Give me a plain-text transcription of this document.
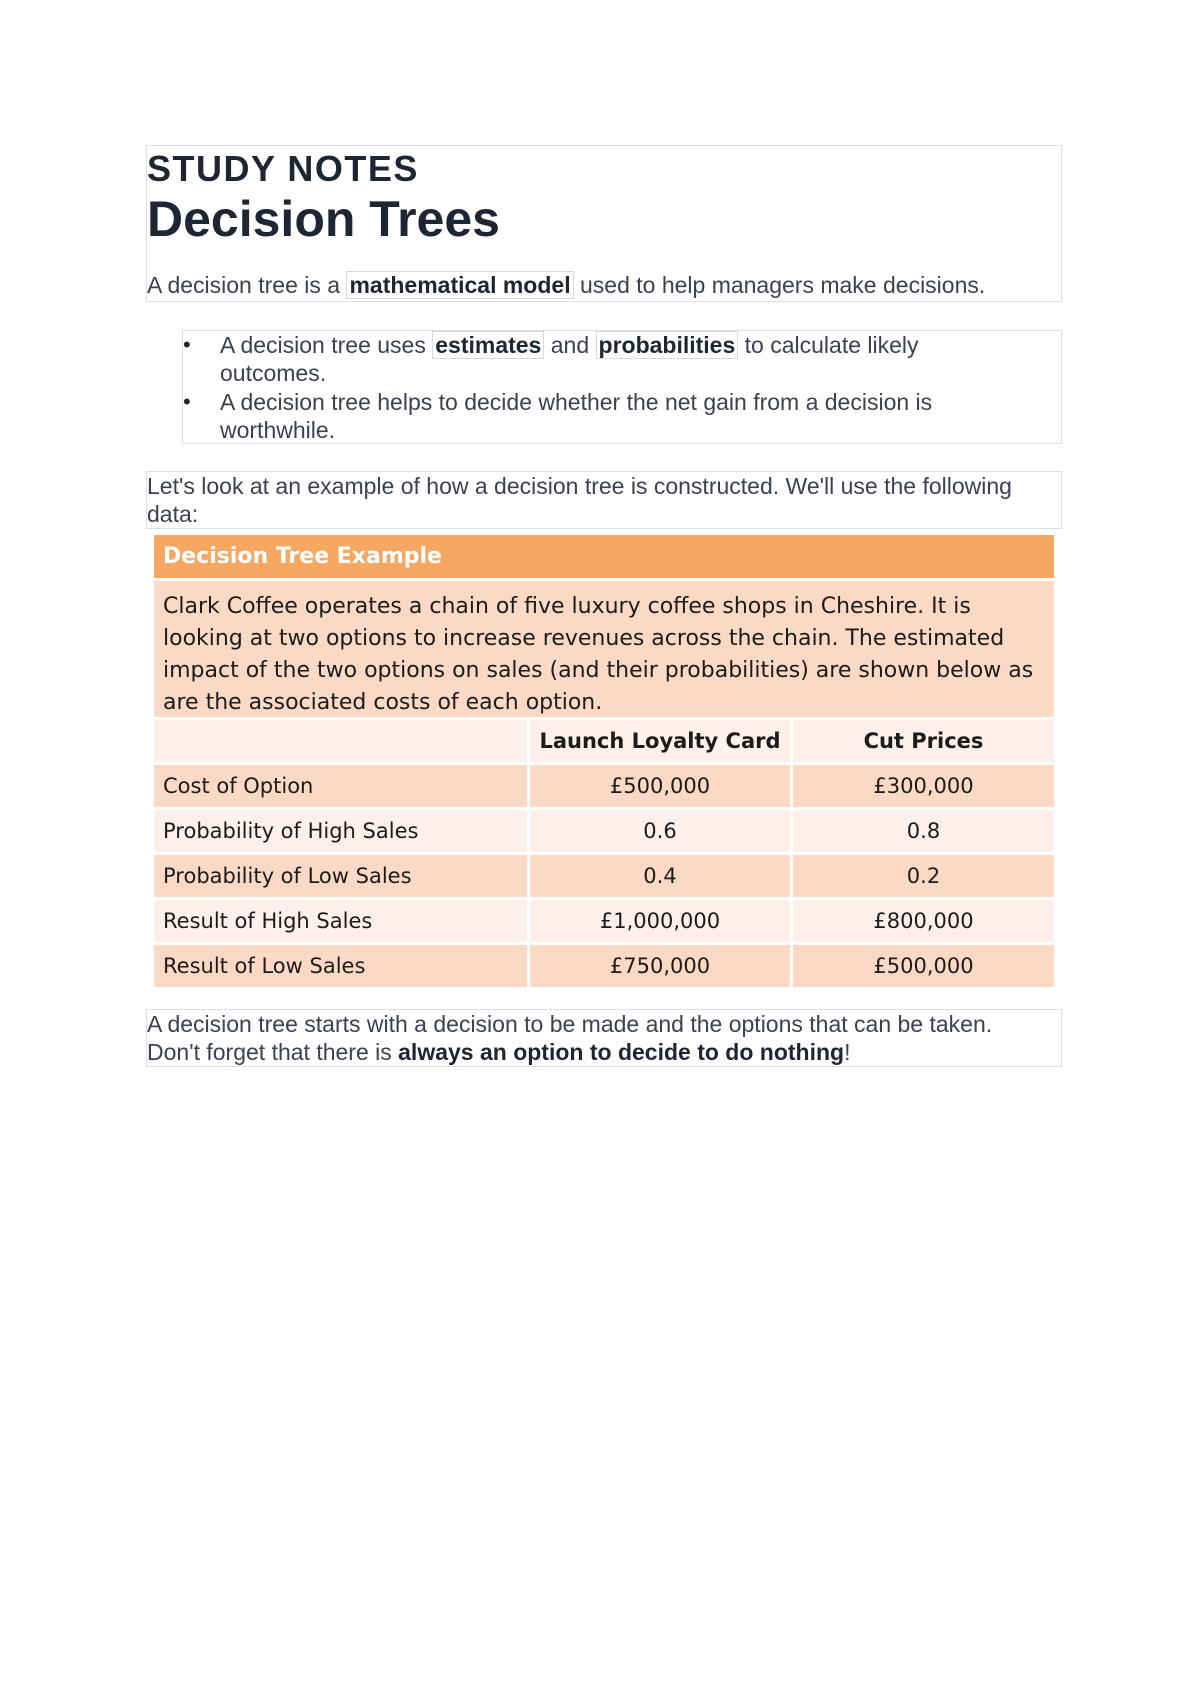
STUDY NOTES
Decision Trees
A decision tree is a mathematical model used to help managers make decisions.
• A decision tree uses estimates and probabilities to calculate likely outcomes.
• A decision tree helps to decide whether the net gain from a decision is worthwhile.
Let's look at an example of how a decision tree is constructed. We'll use the following data:
Decision Tree Example
Clark Coffee operates a chain of five luxury coffee shops in Cheshire. It is looking at two options to increase revenues across the chain. The estimated impact of the two options on sales (and their probabilities) are shown below as are the associated costs of each option.
	Launch Loyalty Card	Cut Prices
Cost of Option	£500,000	£300,000
Probability of High Sales	0.6	0.8
Probability of Low Sales	0.4	0.2
Result of High Sales	£1,000,000	£800,000
Result of Low Sales	£750,000	£500,000
A decision tree starts with a decision to be made and the options that can be taken. Don't forget that there is always an option to decide to do nothing!
